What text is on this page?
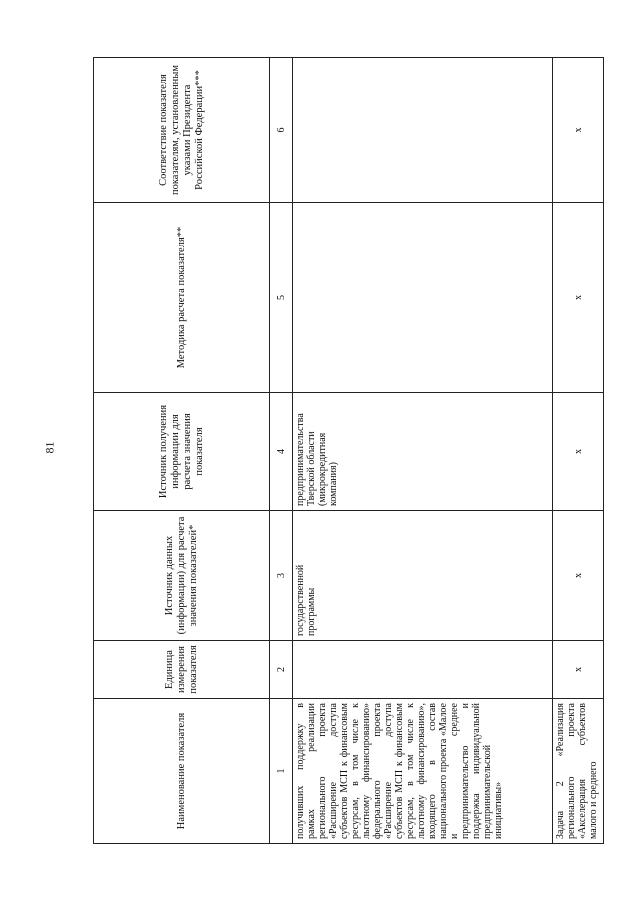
81
Наименование показателя	Единица измерения показателя	Источник данных (информации) для расчета значения показателей*	Источник получения информации для расчета значения показателя	Методика расчета показателя**	Соответствие показателя показателям, установленным указами Президента Российской Федерации***
1	2	3	4	5	6
получивших поддержку в рамках реализации регионального проекта «Расширение доступа субъектов МСП к финансовым ресурсам, в том числе к льготному финансированию» федерального проекта «Расширение доступа субъектов МСП к финансовым ресурсам, в том числе к льготному финансированию», входящего в состав национального проекта «Малое и среднее предпринимательство и поддержка индивидуальной предпринимательской инициативы»		государственной программы	предпринимательства Тверской области (микрокредитная компания)		
Задача 2 «Реализация регионального проекта «Акселерация субъектов малого и среднего	x	x	x	x	x
